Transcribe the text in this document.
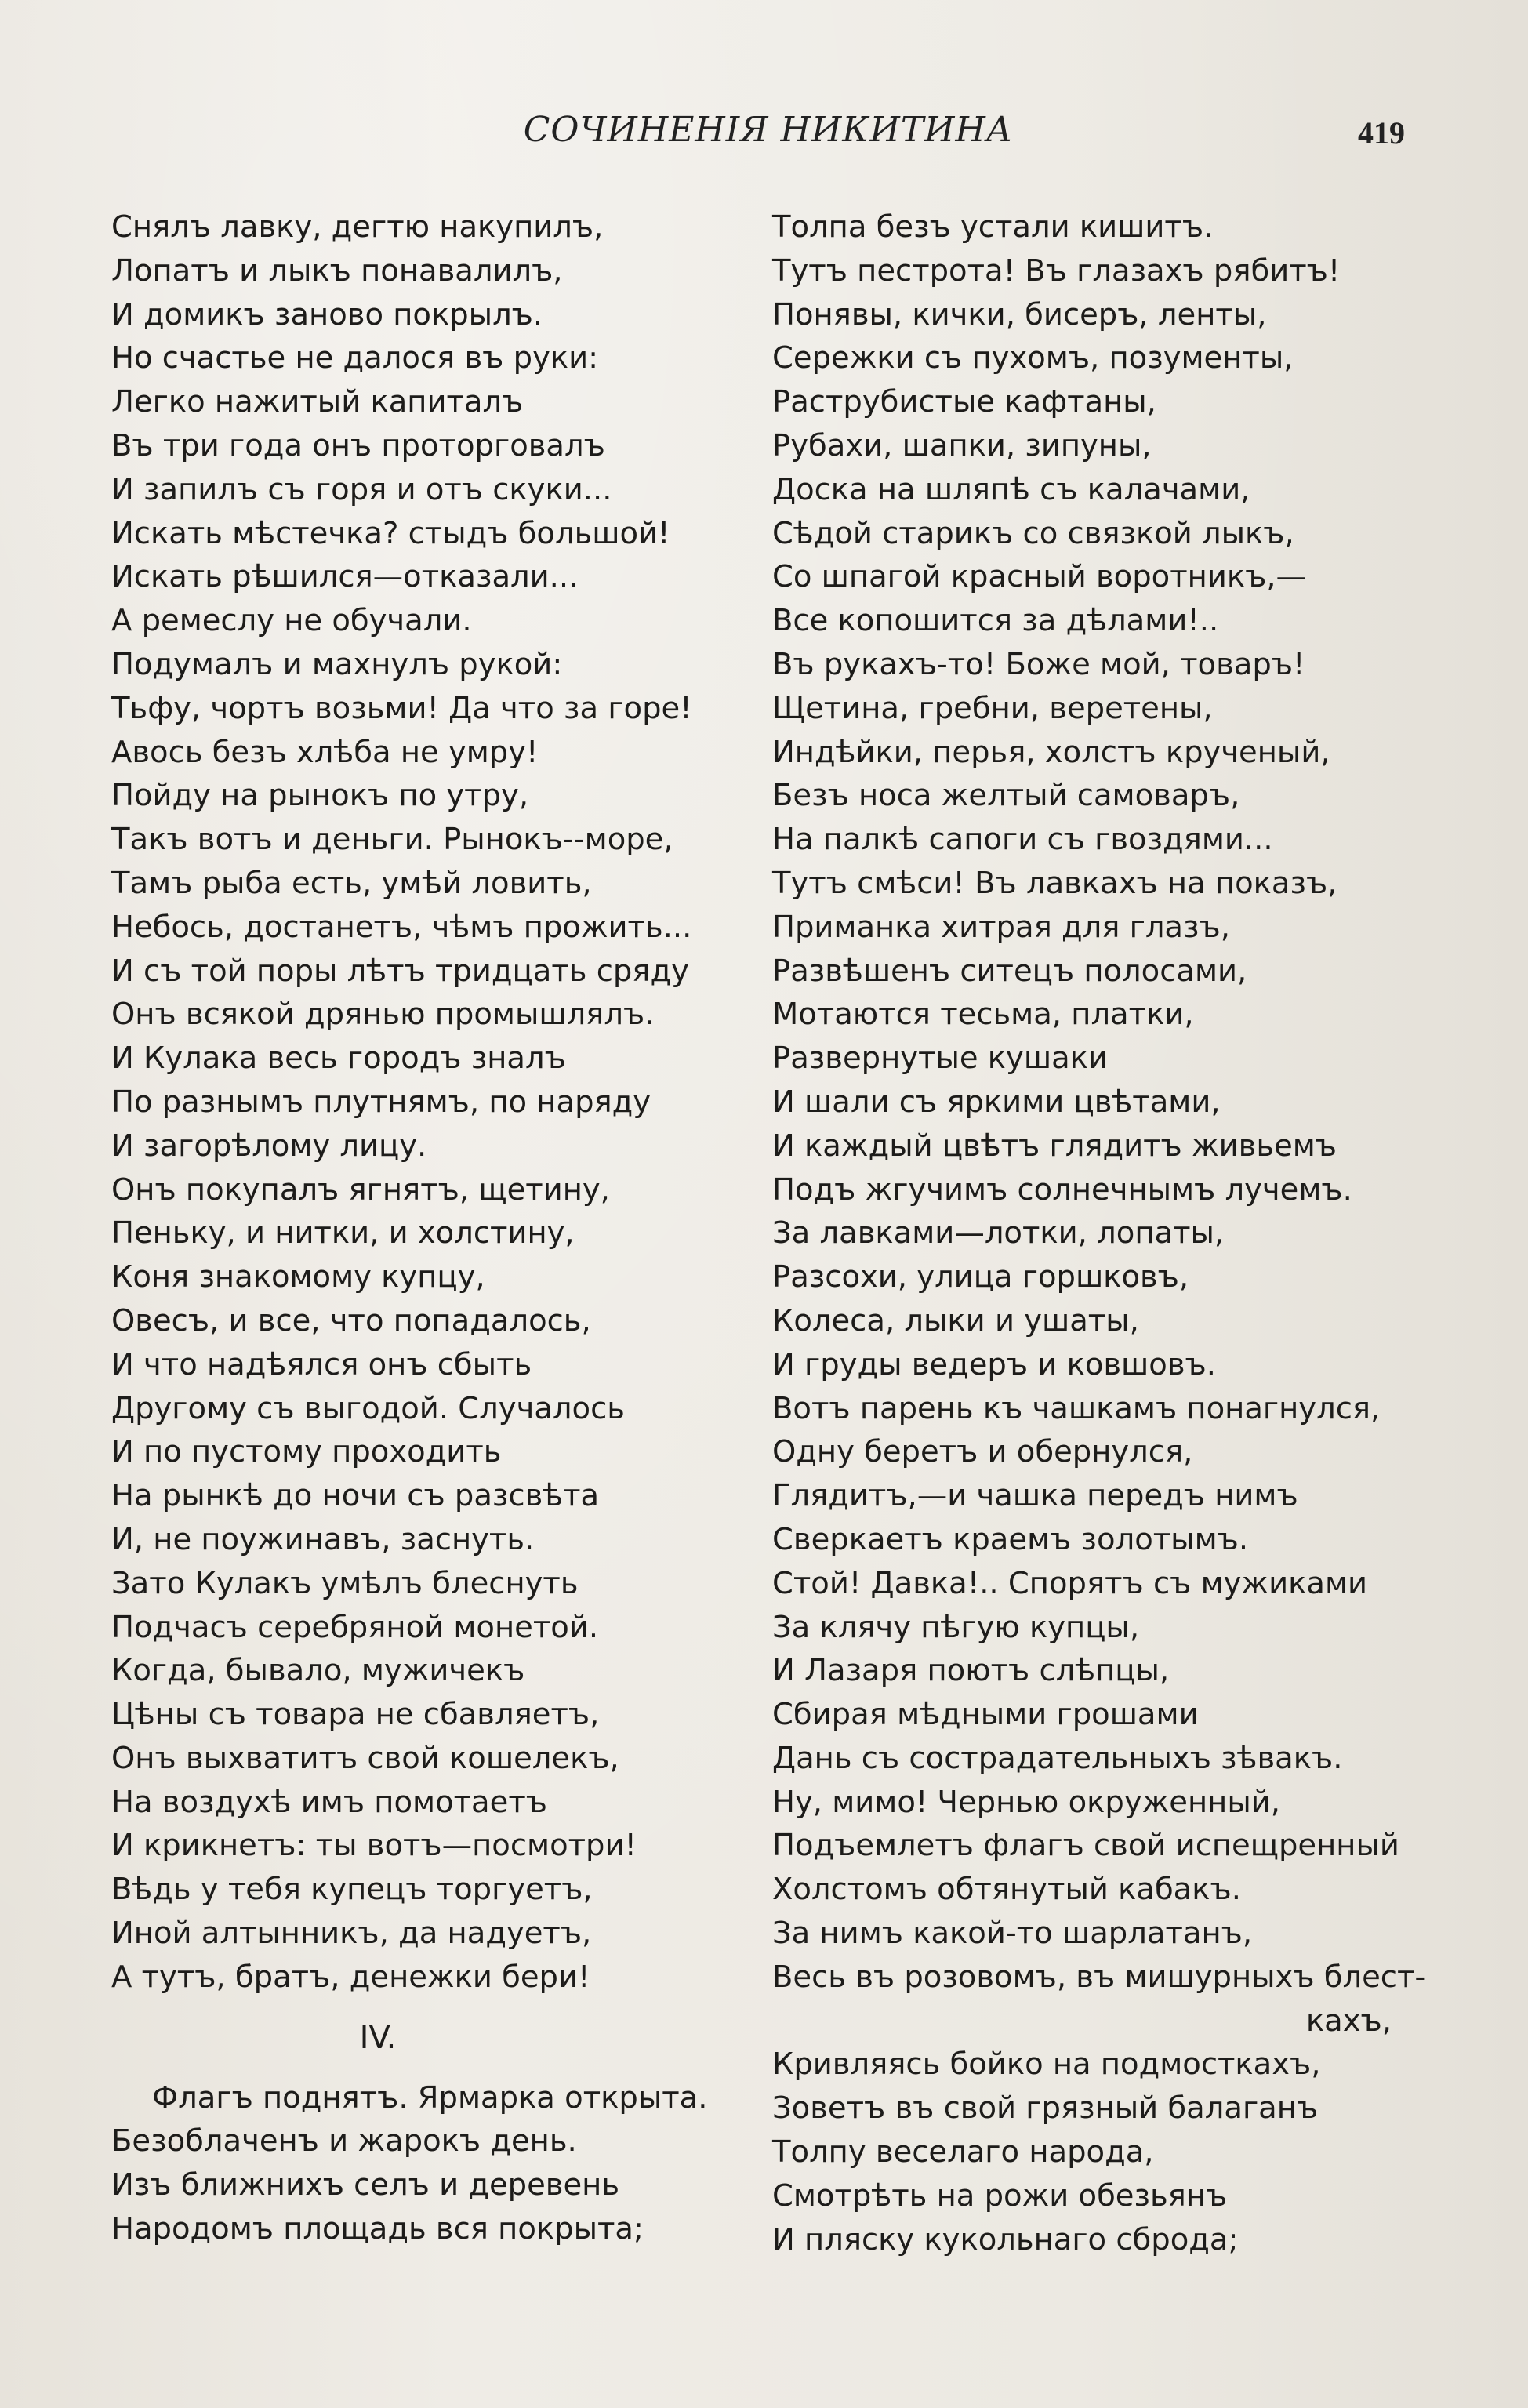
СОЧИНЕНІЯ НИКИТИНА	419
Снялъ лавку, дегтю накупилъ,
Лопатъ и лыкъ понавалилъ,
И домикъ заново покрылъ.
Но счастье не далося въ руки:
Легко нажитый капиталъ
Въ три года онъ проторговалъ
И запилъ съ горя и отъ скуки...
Искать мѣстечка? стыдъ большой!
Искать рѣшился—отказали...
А ремеслу не обучали.
Подумалъ и махнулъ рукой:
Тьфу, чортъ возьми! Да что за горе!
Авось безъ хлѣба не умру!
Пойду на рынокъ по утру,
Такъ вотъ и деньги. Рынокъ--море,
Тамъ рыба есть, умѣй ловить,
Небось, достанетъ, чѣмъ прожить...
И съ той поры лѣтъ тридцать сряду
Онъ всякой дрянью промышлялъ.
И Кулака весь городъ зналъ
По разнымъ плутнямъ, по наряду
И загорѣлому лицу.
Онъ покупалъ ягнятъ, щетину,
Пеньку, и нитки, и холстину,
Коня знакомому купцу,
Овесъ, и все, что попадалось,
И что надѣялся онъ сбыть
Другому съ выгодой. Случалось
И по пустому проходить
На рынкѣ до ночи съ разсвѣта
И, не поужинавъ, заснуть.
Зато Кулакъ умѣлъ блеснуть
Подчасъ серебряной монетой.
Когда, бывало, мужичекъ
Цѣны съ товара не сбавляетъ,
Онъ выхватитъ свой кошелекъ,
На воздухѣ имъ помотаетъ
И крикнетъ: ты вотъ—посмотри!
Вѣдь у тебя купецъ торгуетъ,
Иной алтынникъ, да надуетъ,
А тутъ, братъ, денежки бери!
IV.
Флагъ поднятъ. Ярмарка открыта.
Безоблаченъ и жарокъ день.
Изъ ближнихъ селъ и деревень
Народомъ площадь вся покрыта;
Толпа безъ устали кишитъ.
Тутъ пестрота! Въ глазахъ рябитъ!
Понявы, кички, бисеръ, ленты,
Сережки съ пухомъ, позументы,
Раструбистые кафтаны,
Рубахи, шапки, зипуны,
Доска на шляпѣ съ калачами,
Сѣдой старикъ со связкой лыкъ,
Со шпагой красный воротникъ,—
Все копошится за дѣлами!..
Въ рукахъ-то! Боже мой, товаръ!
Щетина, гребни, веретены,
Индѣйки, перья, холстъ крученый,
Безъ носа желтый самоваръ,
На палкѣ сапоги съ гвоздями...
Тутъ смѣси! Въ лавкахъ на показъ,
Приманка хитрая для глазъ,
Развѣшенъ ситецъ полосами,
Мотаются тесьма, платки,
Развернутые кушаки
И шали съ яркими цвѣтами,
И каждый цвѣтъ глядитъ живьемъ
Подъ жгучимъ солнечнымъ лучемъ.
За лавками—лотки, лопаты,
Разсохи, улица горшковъ,
Колеса, лыки и ушаты,
И груды ведеръ и ковшовъ.
Вотъ парень къ чашкамъ понагнулся,
Одну беретъ и обернулся,
Глядитъ,—и чашка передъ нимъ
Сверкаетъ краемъ золотымъ.
Стой! Давка!.. Спорятъ съ мужиками
За клячу пѣгую купцы,
И Лазаря поютъ слѣпцы,
Сбирая мѣдными грошами
Дань съ сострадательныхъ зѣвакъ.
Ну, мимо! Чернью окруженный,
Подъемлетъ флагъ свой испещренный
Холстомъ обтянутый кабакъ.
За нимъ какой-то шарлатанъ,
Весь въ розовомъ, въ мишурныхъ блест-
кахъ,
Кривляясь бойко на подмосткахъ,
Зоветъ въ свой грязный балаганъ
Толпу веселаго народа,
Смотрѣть на рожи обезьянъ
И пляску кукольнаго сброда;
